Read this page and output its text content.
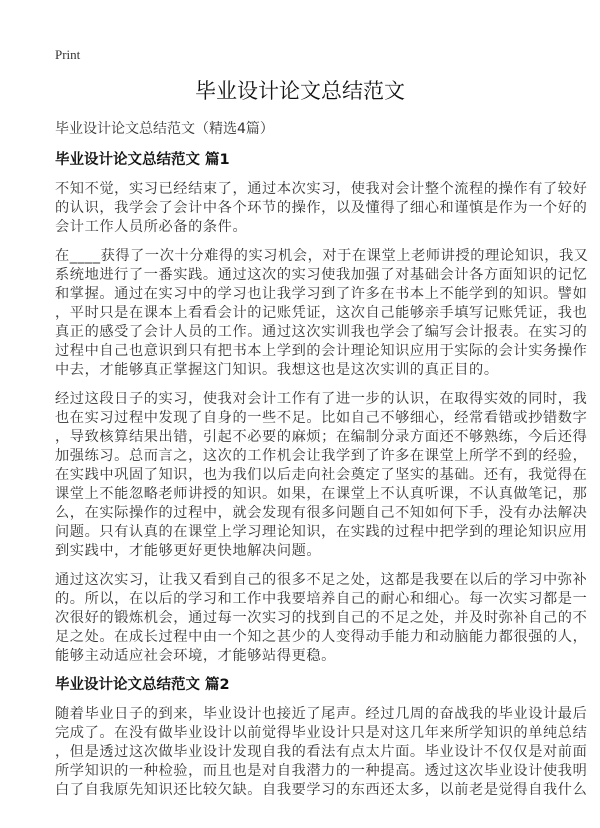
Print
毕业设计论文总结范文
毕业设计论文总结范文（精选4篇）
毕业设计论文总结范文 篇1
不知不觉，实习已经结束了，通过本次实习，使我对会计整个流程的操作有了较好
的认识，我学会了会计中各个环节的操作，以及懂得了细心和谨慎是作为一个好的
会计工作人员所必备的条件。
在____获得了一次十分难得的实习机会，对于在课堂上老师讲授的理论知识，我又
系统地进行了一番实践。通过这次的实习使我加强了对基础会计各方面知识的记忆
和掌握。通过在实习中的学习也让我学习到了许多在书本上不能学到的知识。譬如
，平时只是在课本上看看会计的记账凭证，这次自己能够亲手填写记账凭证，我也
真正的感受了会计人员的工作。通过这次实训我也学会了编写会计报表。在实习的
过程中自己也意识到只有把书本上学到的会计理论知识应用于实际的会计实务操作
中去，才能够真正掌握这门知识。我想这也是这次实训的真正目的。
经过这段日子的实习，使我对会计工作有了进一步的认识，在取得实效的同时，我
也在实习过程中发现了自身的一些不足。比如自己不够细心，经常看错或抄错数字
，导致核算结果出错，引起不必要的麻烦；在编制分录方面还不够熟练，今后还得
加强练习。总而言之，这次的工作机会让我学到了许多在课堂上所学不到的经验，
在实践中巩固了知识，也为我们以后走向社会奠定了坚实的基础。还有，我觉得在
课堂上不能忽略老师讲授的知识。如果，在课堂上不认真听课，不认真做笔记，那
么，在实际操作的过程中，就会发现有很多问题自己不知如何下手，没有办法解决
问题。只有认真的在课堂上学习理论知识，在实践的过程中把学到的理论知识应用
到实践中，才能够更好更快地解决问题。
通过这次实习，让我又看到自己的很多不足之处，这都是我要在以后的学习中弥补
的。所以，在以后的学习和工作中我要培养自己的耐心和细心。每一次实习都是一
次很好的锻炼机会，通过每一次实习的找到自己的不足之处，并及时弥补自己的不
足之处。在成长过程中由一个知之甚少的人变得动手能力和动脑能力都很强的人，
能够主动适应社会环境，才能够站得更稳。
毕业设计论文总结范文 篇2
随着毕业日子的到来，毕业设计也接近了尾声。经过几周的奋战我的毕业设计最后
完成了。在没有做毕业设计以前觉得毕业设计只是对这几年来所学知识的单纯总结
，但是透过这次做毕业设计发现自我的看法有点太片面。毕业设计不仅仅是对前面
所学知识的一种检验，而且也是对自我潜力的一种提高。透过这次毕业设计使我明
白了自我原先知识还比较欠缺。自我要学习的东西还太多，以前老是觉得自我什么
